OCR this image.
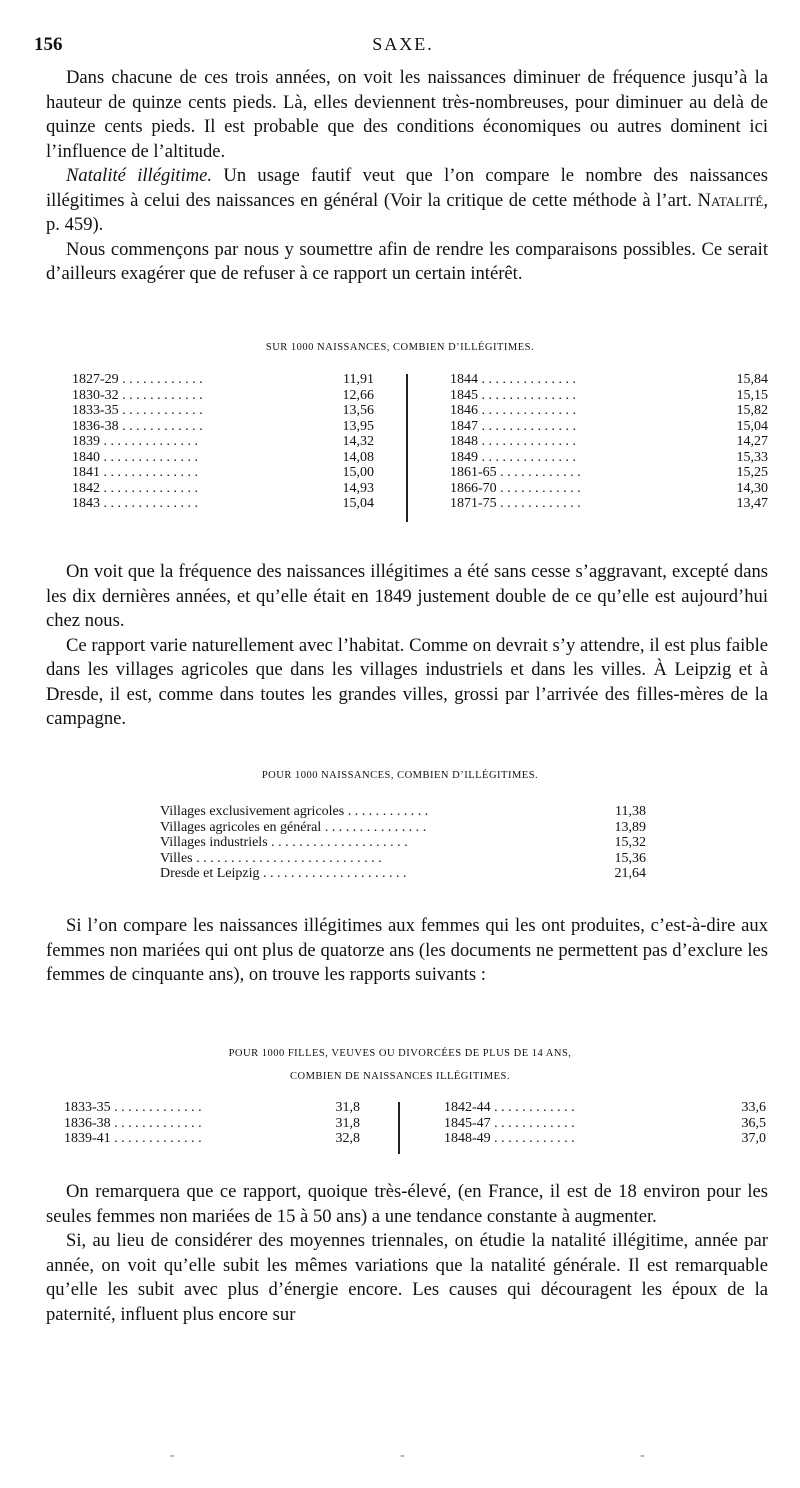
156	SAXE.

Dans chacune de ces trois années, on voit les naissances diminuer de fréquence jusqu’à la hauteur de quinze cents pieds. Là, elles deviennent très-nombreuses, pour diminuer au delà de quinze cents pieds. Il est probable que des conditions économiques ou autres dominent ici l’influence de l’altitude.

Natalité illégitime. Un usage fautif veut que l’on compare le nombre des naissances illégitimes à celui des naissances en général (Voir la critique de cette méthode à l’art. Natalité, p. 459).

Nous commençons par nous y soumettre afin de rendre les comparaisons possibles. Ce serait d’ailleurs exagérer que de refuser à ce rapport un certain intérêt.

SUR 1000 NAISSANCES, COMBIEN D’ILLÉGITIMES.
1827-29 . . . . . . . . . . . .	11,91
1830-32 . . . . . . . . . . . .	12,66
1833-35 . . . . . . . . . . . .	13,56
1836-38 . . . . . . . . . . . .	13,95
1839 . . . . . . . . . . . . . .	14,32
1840 . . . . . . . . . . . . . .	14,08
1841 . . . . . . . . . . . . . .	15,00
1842 . . . . . . . . . . . . . .	14,93
1843 . . . . . . . . . . . . . .	15,04
1844 . . . . . . . . . . . . . .	15,84
1845 . . . . . . . . . . . . . .	15,15
1846 . . . . . . . . . . . . . .	15,82
1847 . . . . . . . . . . . . . .	15,04
1848 . . . . . . . . . . . . . .	14,27
1849 . . . . . . . . . . . . . .	15,33
1861-65 . . . . . . . . . . . .	15,25
1866-70 . . . . . . . . . . . .	14,30
1871-75 . . . . . . . . . . . .	13,47

On voit que la fréquence des naissances illégitimes a été sans cesse s’aggravant, excepté dans les dix dernières années, et qu’elle était en 1849 justement double de ce qu’elle est aujourd’hui chez nous.

Ce rapport varie naturellement avec l’habitat. Comme on devrait s’y attendre, il est plus faible dans les villages agricoles que dans les villages industriels et dans les villes. À Leipzig et à Dresde, il est, comme dans toutes les grandes villes, grossi par l’arrivée des filles-mères de la campagne.

POUR 1000 NAISSANCES, COMBIEN D’ILLÉGITIMES.
Villages exclusivement agricoles . . . . . . . . . . . .	11,38
Villages agricoles en général . . . . . . . . . . . . . . .	13,89
Villages industriels . . . . . . . . . . . . . . . . . . . .	15,32
Villes . . . . . . . . . . . . . . . . . . . . . . . . . . .	15,36
Dresde et Leipzig . . . . . . . . . . . . . . . . . . . . .	21,64

Si l’on compare les naissances illégitimes aux femmes qui les ont produites, c’est-à-dire aux femmes non mariées qui ont plus de quatorze ans (les documents ne permettent pas d’exclure les femmes de cinquante ans), on trouve les rapports suivants :

POUR 1000 FILLES, VEUVES OU DIVORCÉES DE PLUS DE 14 ANS,
COMBIEN DE NAISSANCES ILLÉGITIMES.
1833-35 . . . . . . . . . . . . .	31,8
1836-38 . . . . . . . . . . . . .	31,8
1839-41 . . . . . . . . . . . . .	32,8
1842-44 . . . . . . . . . . . .	33,6
1845-47 . . . . . . . . . . . .	36,5
1848-49 . . . . . . . . . . . .	37,0

On remarquera que ce rapport, quoique très-élevé, (en France, il est de 18 environ pour les seules femmes non mariées de 15 à 50 ans) a une tendance constante à augmenter.

Si, au lieu de considérer des moyennes triennales, on étudie la natalité illégitime, année par année, on voit qu’elle subit les mêmes variations que la natalité générale. Il est remarquable qu’elle les subit avec plus d’énergie encore. Les causes qui découragent les époux de la paternité, influent plus encore sur

-	-	-
